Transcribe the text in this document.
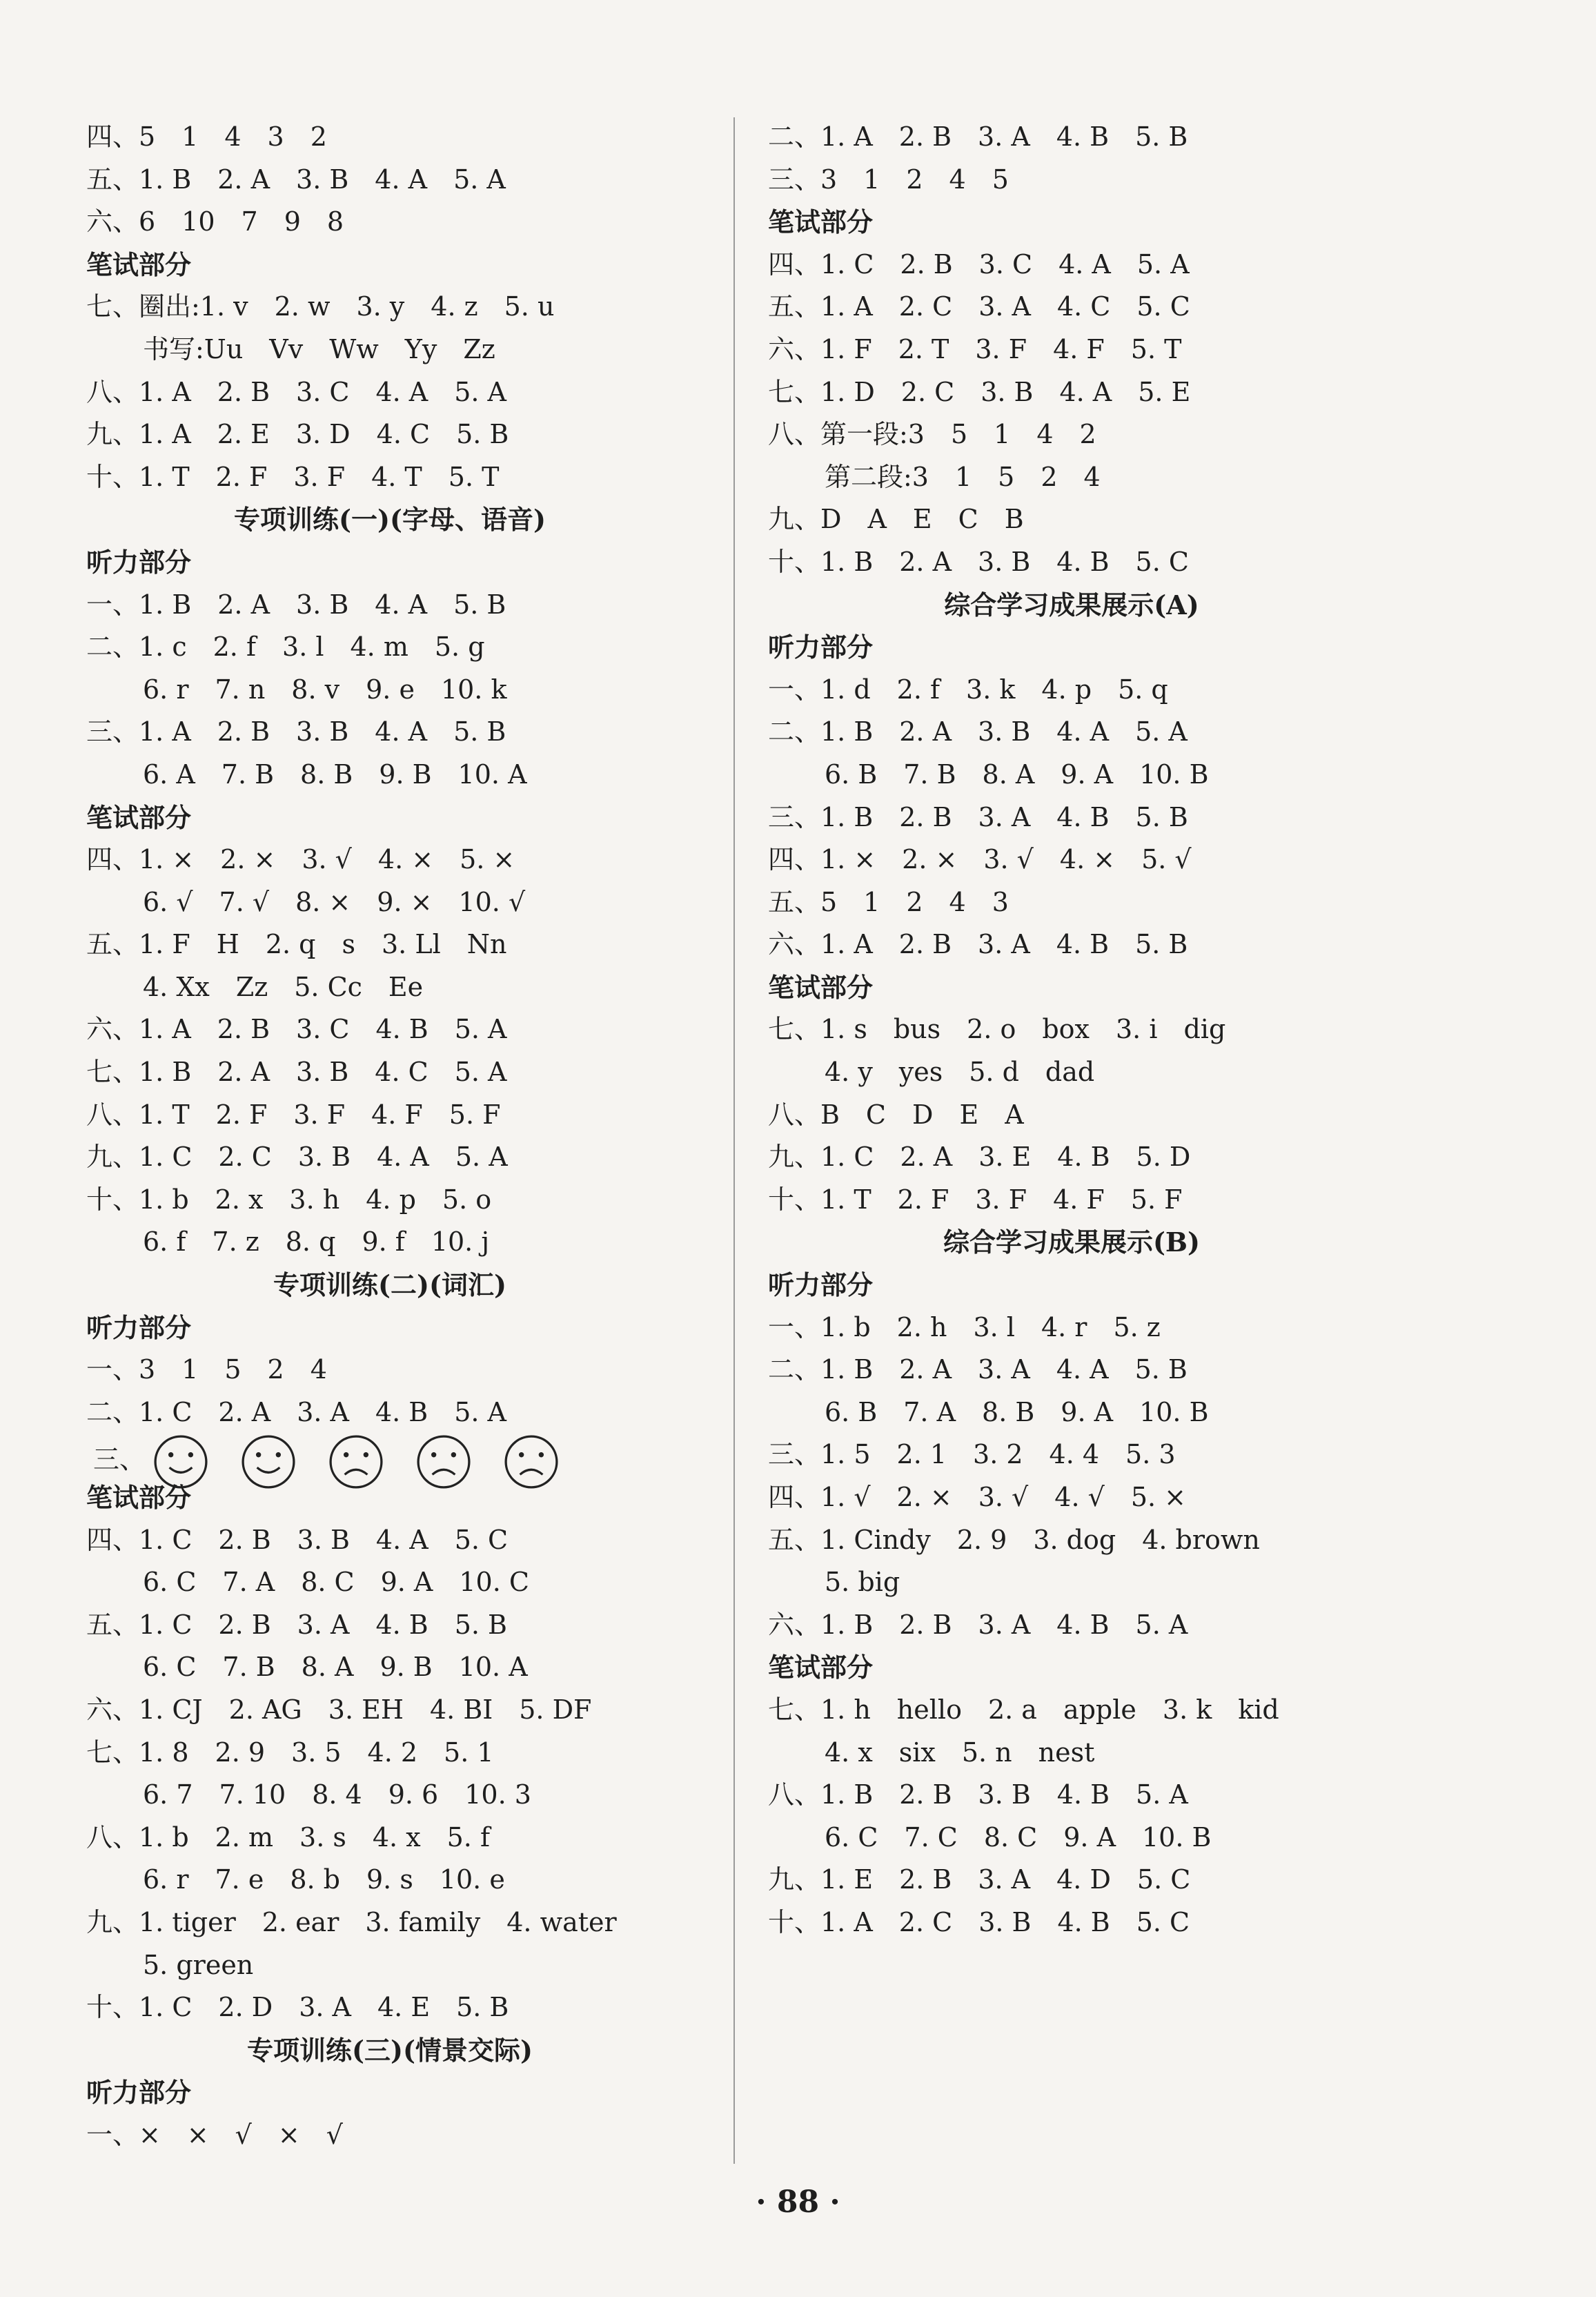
四、5　1　4　3　2
五、1. B　2. A　3. B　4. A　5. A
六、6　10　7　9　8
笔试部分
七、圈出:1. v　2. w　3. y　4. z　5. u
书写:Uu　Vv　Ww　Yy　Zz
八、1. A　2. B　3. C　4. A　5. A
九、1. A　2. E　3. D　4. C　5. B
十、1. T　2. F　3. F　4. T　5. T
专项训练(一)(字母、语音)
听力部分
一、1. B　2. A　3. B　4. A　5. B
二、1. c　2. f　3. l　4. m　5. g
6. r　7. n　8. v　9. e　10. k
三、1. A　2. B　3. B　4. A　5. B
6. A　7. B　8. B　9. B　10. A
笔试部分
四、1. ×　2. ×　3. √　4. ×　5. ×
6. √　7. √　8. ×　9. ×　10. √
五、1. F　H　2. q　s　3. Ll　Nn
4. Xx　Zz　5. Cc　Ee
六、1. A　2. B　3. C　4. B　5. A
七、1. B　2. A　3. B　4. C　5. A
八、1. T　2. F　3. F　4. F　5. F
九、1. C　2. C　3. B　4. A　5. A
十、1. b　2. x　3. h　4. p　5. o
6. f　7. z　8. q　9. f　10. j
专项训练(二)(词汇)
听力部分
一、3　1　5　2　4
二、1. C　2. A　3. A　4. B　5. A
三、
笔试部分
四、1. C　2. B　3. B　4. A　5. C
6. C　7. A　8. C　9. A　10. C
五、1. C　2. B　3. A　4. B　5. B
6. C　7. B　8. A　9. B　10. A
六、1. CJ　2. AG　3. EH　4. BI　5. DF
七、1. 8　2. 9　3. 5　4. 2　5. 1
6. 7　7. 10　8. 4　9. 6　10. 3
八、1. b　2. m　3. s　4. x　5. f
6. r　7. e　8. b　9. s　10. e
九、1. tiger　2. ear　3. family　4. water
5. green
十、1. C　2. D　3. A　4. E　5. B
专项训练(三)(情景交际)
听力部分
一、×　×　√　×　√
二、1. A　2. B　3. A　4. B　5. B
三、3　1　2　4　5
笔试部分
四、1. C　2. B　3. C　4. A　5. A
五、1. A　2. C　3. A　4. C　5. C
六、1. F　2. T　3. F　4. F　5. T
七、1. D　2. C　3. B　4. A　5. E
八、第一段:3　5　1　4　2
第二段:3　1　5　2　4
九、D　A　E　C　B
十、1. B　2. A　3. B　4. B　5. C
综合学习成果展示(A)
听力部分
一、1. d　2. f　3. k　4. p　5. q
二、1. B　2. A　3. B　4. A　5. A
6. B　7. B　8. A　9. A　10. B
三、1. B　2. B　3. A　4. B　5. B
四、1. ×　2. ×　3. √　4. ×　5. √
五、5　1　2　4　3
六、1. A　2. B　3. A　4. B　5. B
笔试部分
七、1. s　bus　2. o　box　3. i　dig
4. y　yes　5. d　dad
八、B　C　D　E　A
九、1. C　2. A　3. E　4. B　5. D
十、1. T　2. F　3. F　4. F　5. F
综合学习成果展示(B)
听力部分
一、1. b　2. h　3. l　4. r　5. z
二、1. B　2. A　3. A　4. A　5. B
6. B　7. A　8. B　9. A　10. B
三、1. 5　2. 1　3. 2　4. 4　5. 3
四、1. √　2. ×　3. √　4. √　5. ×
五、1. Cindy　2. 9　3. dog　4. brown
5. big
六、1. B　2. B　3. A　4. B　5. A
笔试部分
七、1. h　hello　2. a　apple　3. k　kid
4. x　six　5. n　nest
八、1. B　2. B　3. B　4. B　5. A
6. C　7. C　8. C　9. A　10. B
九、1. E　2. B　3. A　4. D　5. C
十、1. A　2. C　3. B　4. B　5. C
· 88 ·
